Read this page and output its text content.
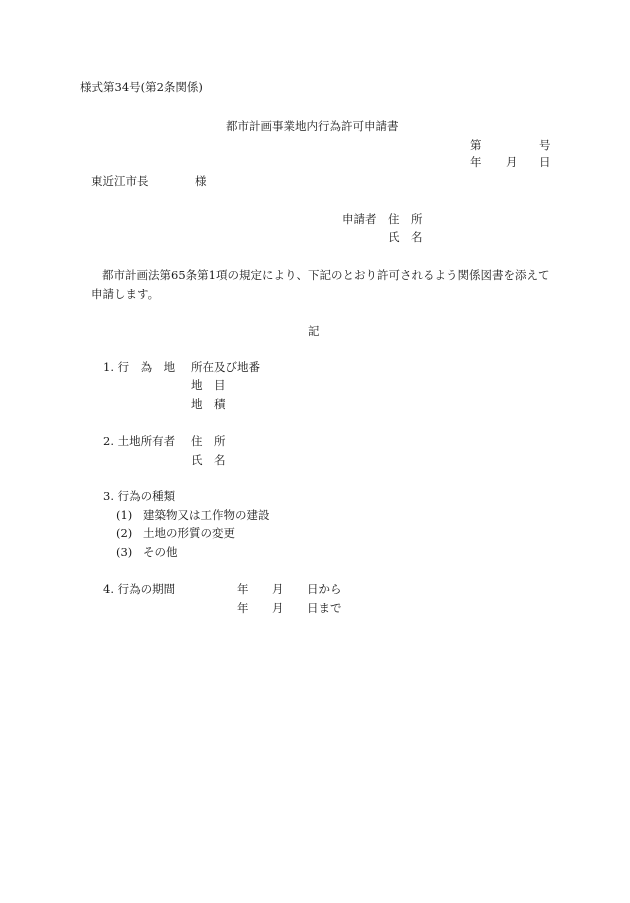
様式第34号(第2条関係)
都市計画事業地内行為許可申請書
第	号
年 月 日
東近江市長	様
申請者 住　所
氏　名
都市計画法第65条第1項の規定により、下記のとおり許可されるよう関係図書を添えて
申請します。
記
1. 行　為　地 所在及び地番
地　目
地　積
2. 土地所有者 住　所
氏　名
3. 行為の種類
(1) 建築物又は工作物の建設
(2) 土地の形質の変更
(3) その他
4. 行為の期間	年 月 日から
年 月 日まで
